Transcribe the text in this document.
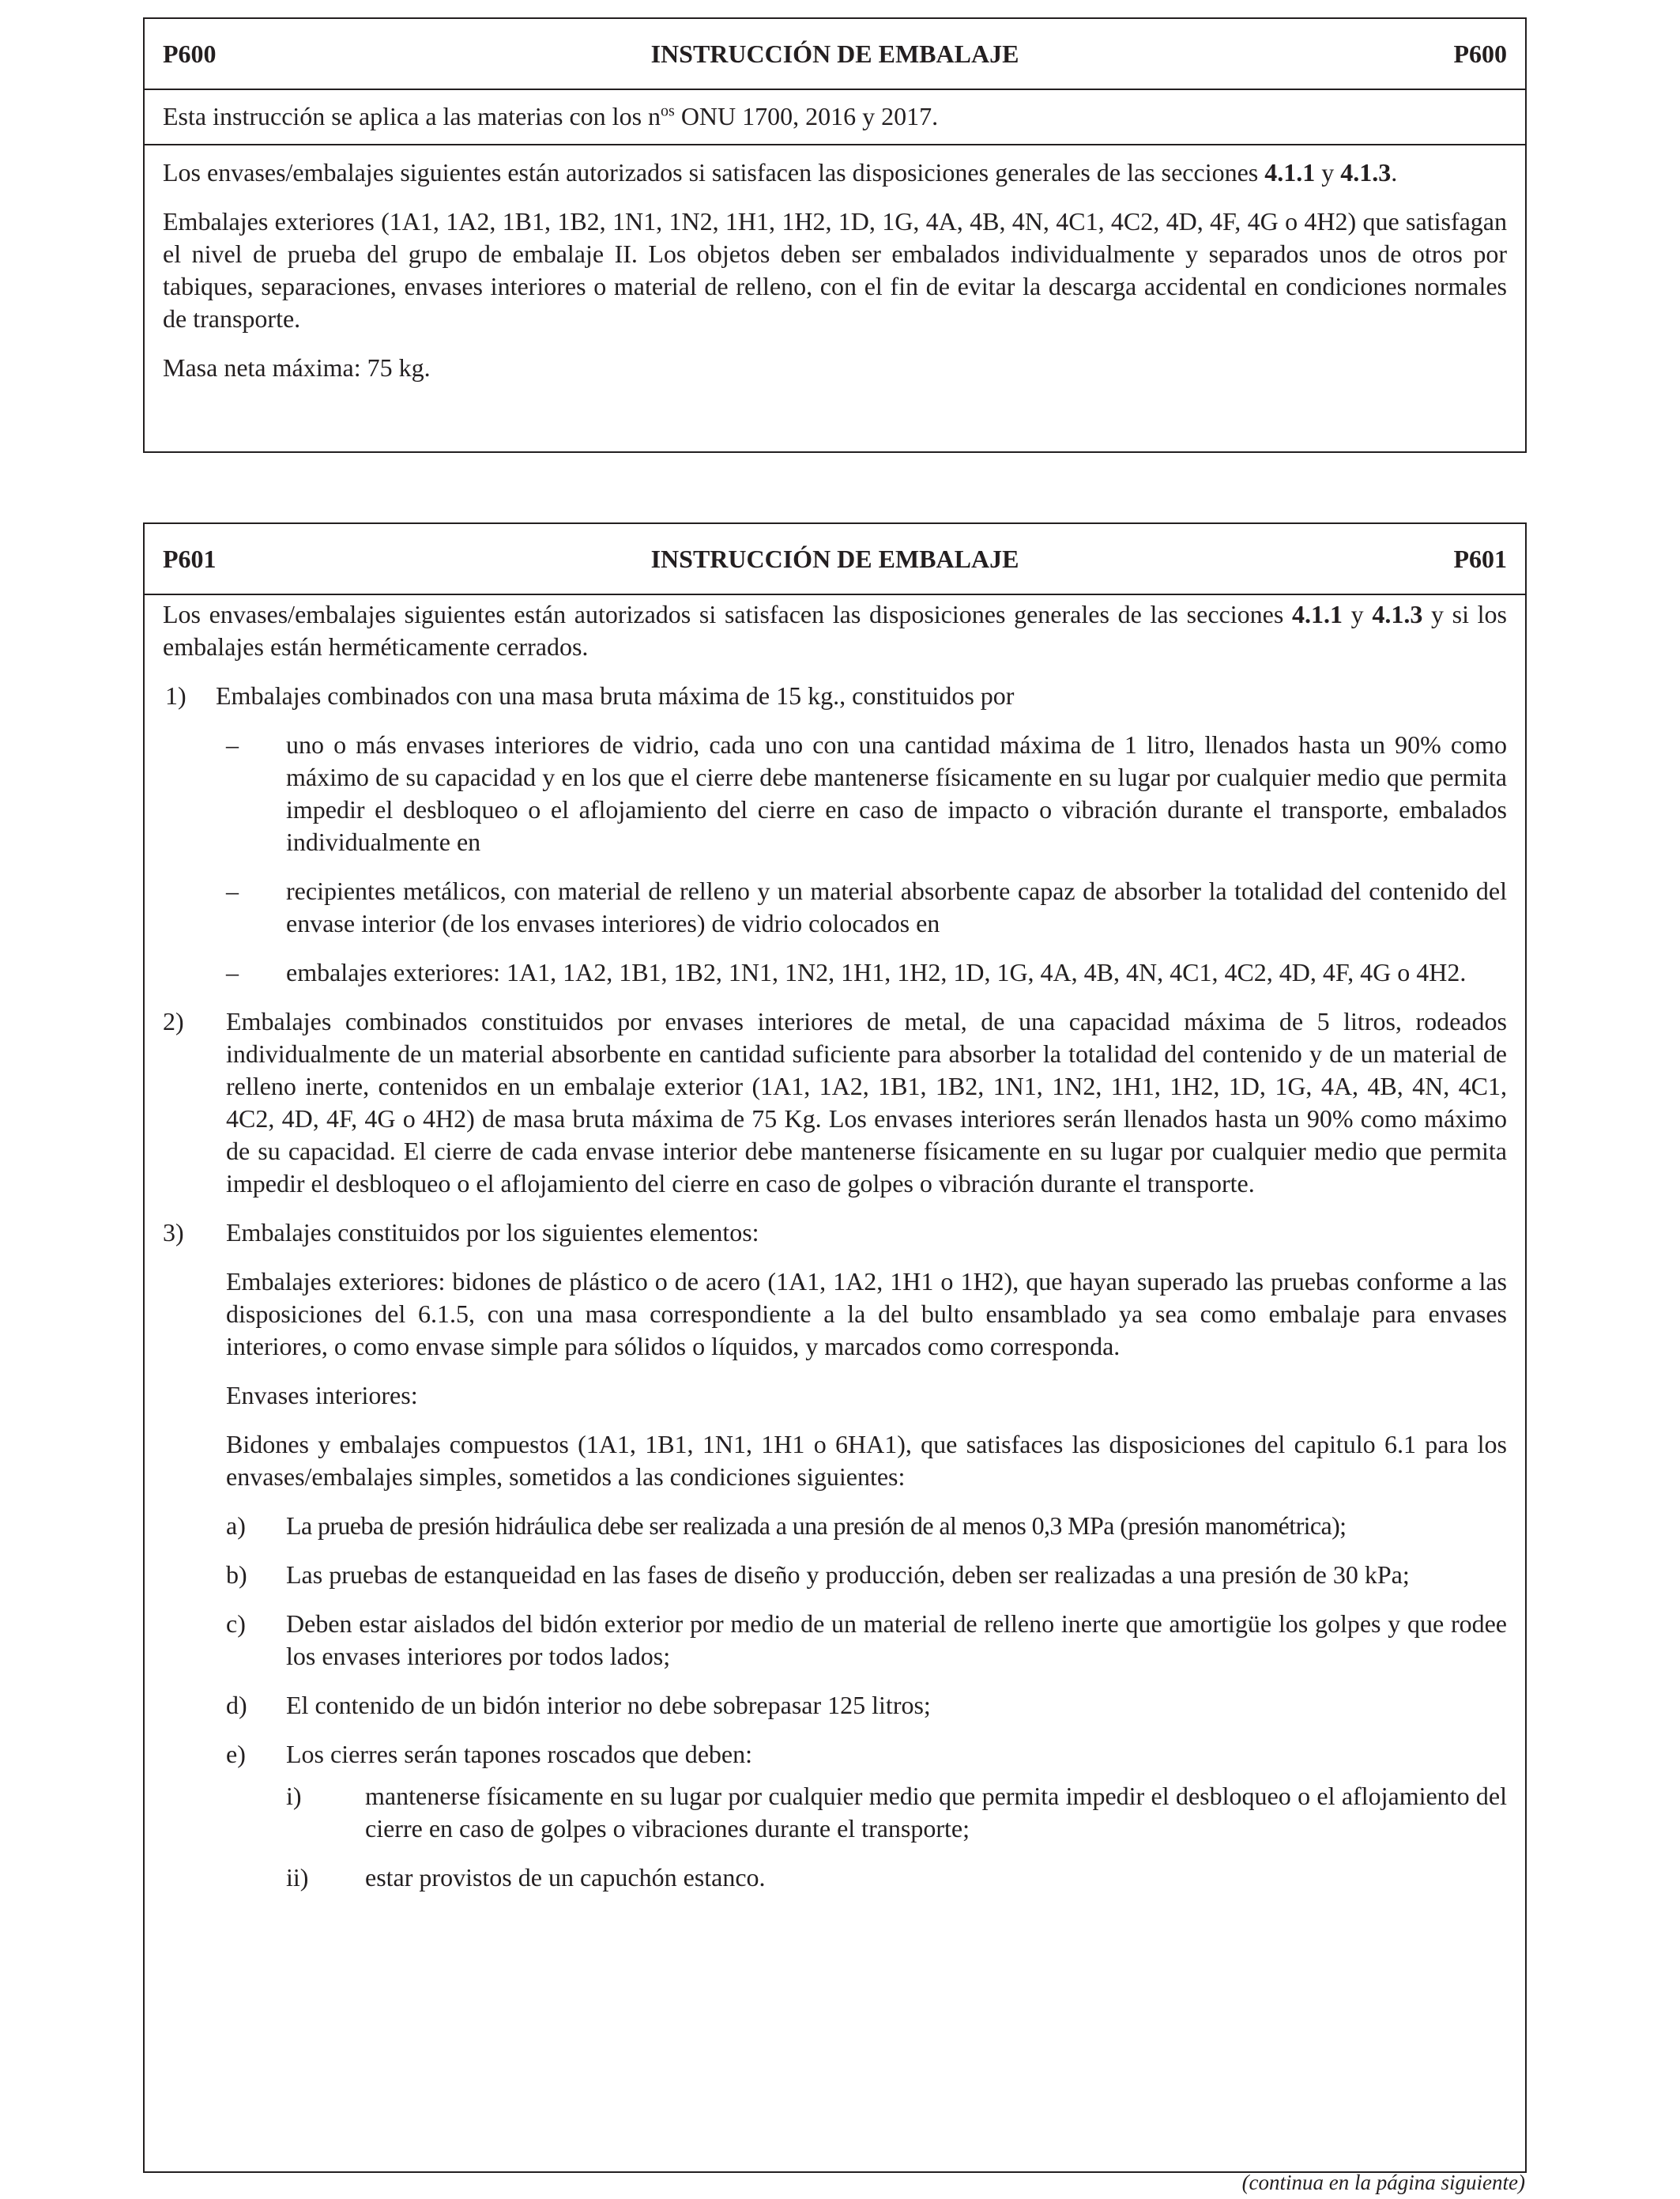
INSTRUCCIÓN DE EMBALAJE
P600	P600
Esta instrucción se aplica a las materias con los $n^{os}$ ONU 1700, 2016 y 2017.

Los envases/embalajes siguientes están autorizados si satisfacen las disposiciones generales de las secciones 4.1.1 y 4.1.3.

Embalajes exteriores (1A1, 1A2, 1B1, 1B2, 1N1, 1N2, 1H1, 1H2, 1D, 1G, 4A, 4B, 4N, 4C1, 4C2, 4D, 4F, 4G o 4H2) que satisfagan el nivel de prueba del grupo de embalaje II. Los objetos deben ser embalados individualmente y separados unos de otros por tabiques, separaciones, envases interiores o material de relleno, con el fin de evitar la descarga accidental en condiciones normales de transporte.

Masa neta máxima: 75 kg.

INSTRUCCIÓN DE EMBALAJE
P601	P601

Los envases/embalajes siguientes están autorizados si satisfacen las disposiciones generales de las secciones 4.1.1 y 4.1.3 y si los embalajes están herméticamente cerrados.

1) Embalajes combinados con una masa bruta máxima de 15 kg., constituidos por
– uno o más envases interiores de vidrio, cada uno con una cantidad máxima de 1 litro, llenados hasta un 90% como máximo de su capacidad y en los que el cierre debe mantenerse físicamente en su lugar por cualquier medio que permita impedir el desbloqueo o el aflojamiento del cierre en caso de impacto o vibración durante el transporte, embalados individualmente en
– recipientes metálicos, con material de relleno y un material absorbente capaz de absorber la totalidad del contenido del envase interior (de los envases interiores) de vidrio colocados en
– embalajes exteriores: 1A1, 1A2, 1B1, 1B2, 1N1, 1N2, 1H1, 1H2, 1D, 1G, 4A, 4B, 4N, 4C1, 4C2, 4D, 4F, 4G o 4H2.
2) Embalajes combinados constituidos por envases interiores de metal, de una capacidad máxima de 5 litros, rodeados individualmente de un material absorbente en cantidad suficiente para absorber la totalidad del contenido y de un material de relleno inerte, contenidos en un embalaje exterior (1A1, 1A2, 1B1, 1B2, 1N1, 1N2, 1H1, 1H2, 1D, 1G, 4A, 4B, 4N, 4C1, 4C2, 4D, 4F, 4G o 4H2) de masa bruta máxima de 75 Kg. Los envases interiores serán llenados hasta un 90% como máximo de su capacidad. El cierre de cada envase interior debe mantenerse físicamente en su lugar por cualquier medio que permita impedir el desbloqueo o el aflojamiento del cierre en caso de golpes o vibración durante el transporte.
3) Embalajes constituidos por los siguientes elementos:
Embalajes exteriores: bidones de plástico o de acero (1A1, 1A2, 1H1 o 1H2), que hayan superado las pruebas conforme a las disposiciones del 6.1.5, con una masa correspondiente a la del bulto ensamblado ya sea como embalaje para envases interiores, o como envase simple para sólidos o líquidos, y marcados como corresponda.
Envases interiores:
Bidones y embalajes compuestos (1A1, 1B1, 1N1, 1H1 o 6HA1), que satisfaces las disposiciones del capitulo 6.1 para los envases/embalajes simples, sometidos a las condiciones siguientes:
a) La prueba de presión hidráulica debe ser realizada a una presión de al menos 0,3 MPa (presión manométrica);
b) Las pruebas de estanqueidad en las fases de diseño y producción, deben ser realizadas a una presión de 30 kPa;
c) Deben estar aislados del bidón exterior por medio de un material de relleno inerte que amortigüe los golpes y que rodee los envases interiores por todos lados;
d) El contenido de un bidón interior no debe sobrepasar 125 litros;
e) Los cierres serán tapones roscados que deben:
i)	mantenerse físicamente en su lugar por cualquier medio que permita impedir el desbloqueo o el aflojamiento del cierre en caso de golpes o vibraciones durante el transporte;
ii) estar provistos de un capuchón estanco.
(continua en la página siguiente)
